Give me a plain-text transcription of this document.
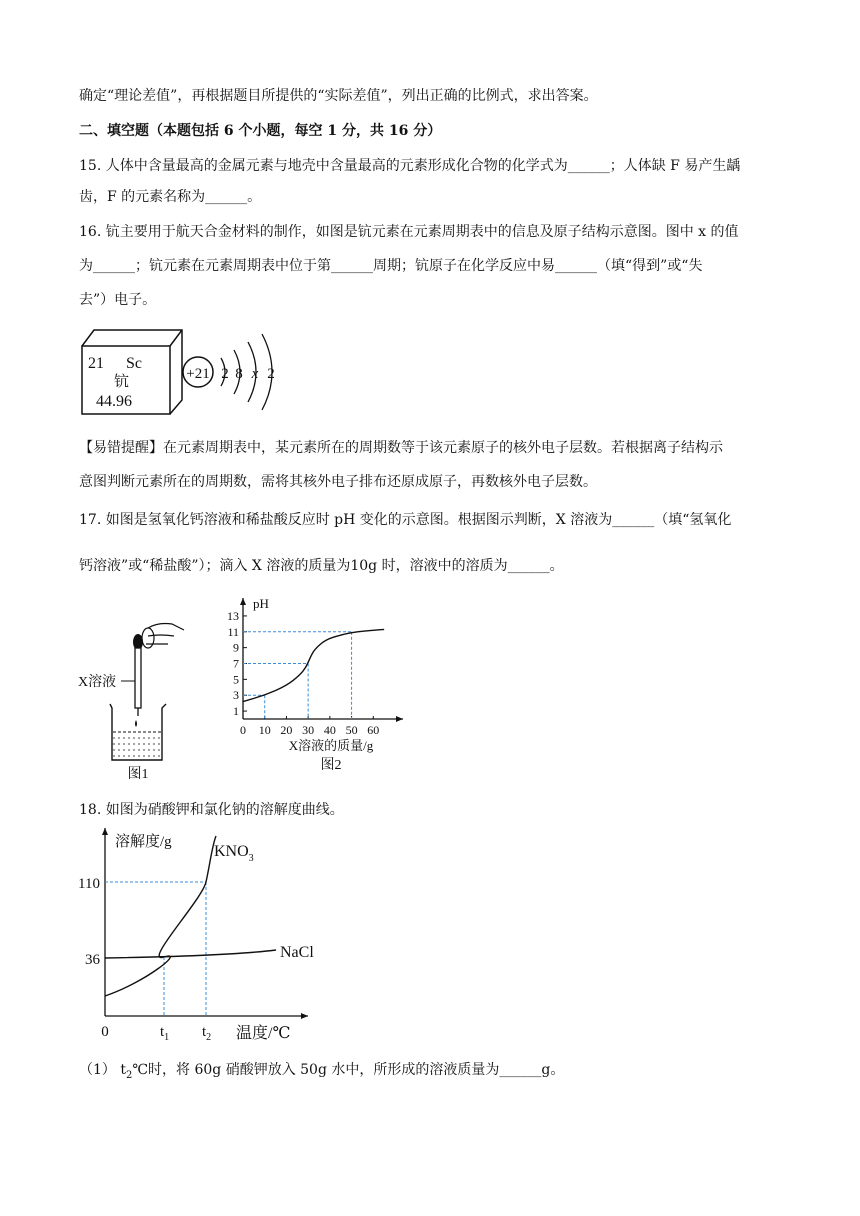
确定“理论差值”，再根据题目所提供的“实际差值”，列出正确的比例式，求出答案。
二、填空题（本题包括 6 个小题，每空 1 分，共 16 分）
15. 人体中含量最高的金属元素与地壳中含量最高的元素形成化合物的化学式为______；人体缺 F 易产生龋
齿，F 的元素名称为______。
16. 钪主要用于航天合金材料的制作，如图是钪元素在元素周期表中的信息及原子结构示意图。图中 x 的值
为______；钪元素在元素周期表中位于第______周期；钪原子在化学反应中易______（填“得到”或“失
去”）电子。
21 Sc
钪
44.96
+21 2 8 x 2
【易错提醒】在元素周期表中，某元素所在的周期数等于该元素原子的核外电子层数。若根据离子结构示
意图判断元素所在的周期数，需将其核外电子排布还原成原子，再数核外电子层数。
17. 如图是氢氧化钙溶液和稀盐酸反应时 pH 变化的示意图。根据图示判断，X 溶液为______（填“氢氧化
钙溶液”或“稀盐酸”）；滴入 X 溶液的质量为10g 时，溶液中的溶质为______。
X溶液
图1
pH
1
3
5
7
9
11
13
0 10 20 30 40 50 60
X溶液的质量/g
图2
18. 如图为硝酸钾和氯化钠的溶解度曲线。
溶解度/g
0
110
36
$t_1$ $t_2$ 温度/℃
$KNO_3$
NaCl
（1） $t_2℃$时，将 60g 硝酸钾放入 50g 水中，所形成的溶液质量为______g。
